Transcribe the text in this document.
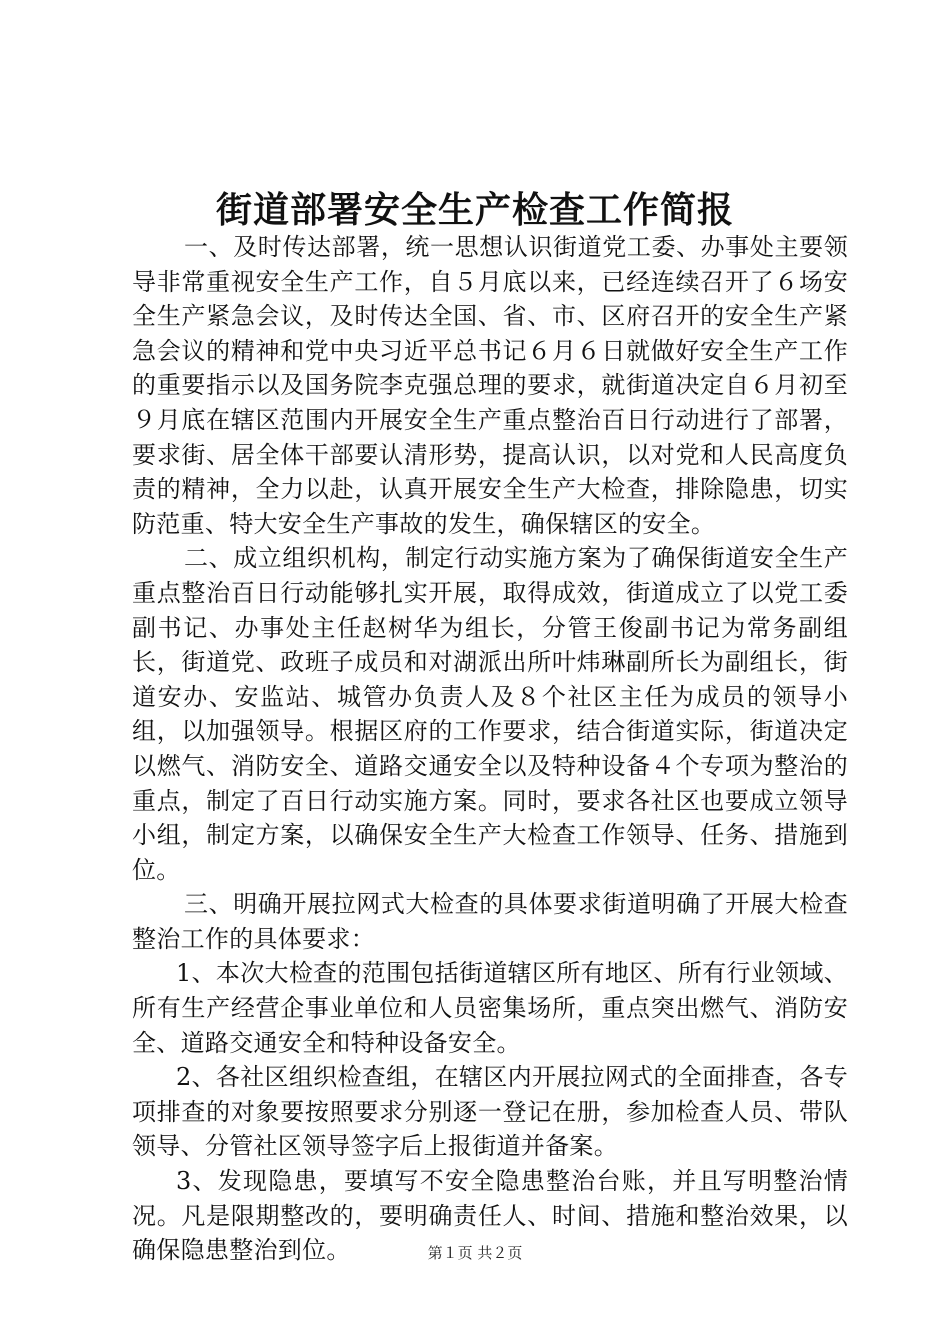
街道部署安全生产检查工作简报

一、及时传达部署，统一思想认识街道党工委、办事处主要领导非常重视安全生产工作，自５月底以来，已经连续召开了６场安全生产紧急会议，及时传达全国、省、市、区府召开的安全生产紧急会议的精神和党中央习近平总书记６月６日就做好安全生产工作的重要指示以及国务院李克强总理的要求，就街道决定自６月初至９月底在辖区范围内开展安全生产重点整治百日行动进行了部署，要求街、居全体干部要认清形势，提高认识，以对党和人民高度负责的精神，全力以赴，认真开展安全生产大检查，排除隐患，切实防范重、特大安全生产事故的发生，确保辖区的安全。

二、成立组织机构，制定行动实施方案为了确保街道安全生产重点整治百日行动能够扎实开展，取得成效，街道成立了以党工委副书记、办事处主任赵树华为组长，分管王俊副书记为常务副组长，街道党、政班子成员和对湖派出所叶炜琳副所长为副组长，街道安办、安监站、城管办负责人及８个社区主任为成员的领导小组，以加强领导。根据区府的工作要求，结合街道实际，街道决定以燃气、消防安全、道路交通安全以及特种设备４个专项为整治的重点，制定了百日行动实施方案。同时，要求各社区也要成立领导小组，制定方案，以确保安全生产大检查工作领导、任务、措施到位。

三、明确开展拉网式大检查的具体要求街道明确了开展大检查整治工作的具体要求：

1、本次大检查的范围包括街道辖区所有地区、所有行业领域、所有生产经营企事业单位和人员密集场所，重点突出燃气、消防安全、道路交通安全和特种设备安全。

2、各社区组织检查组，在辖区内开展拉网式的全面排查，各专项排查的对象要按照要求分别逐一登记在册，参加检查人员、带队领导、分管社区领导签字后上报街道并备案。

3、发现隐患，要填写不安全隐患整治台账，并且写明整治情况。凡是限期整改的，要明确责任人、时间、措施和整治效果，以确保隐患整治到位。	第１页 共２页
